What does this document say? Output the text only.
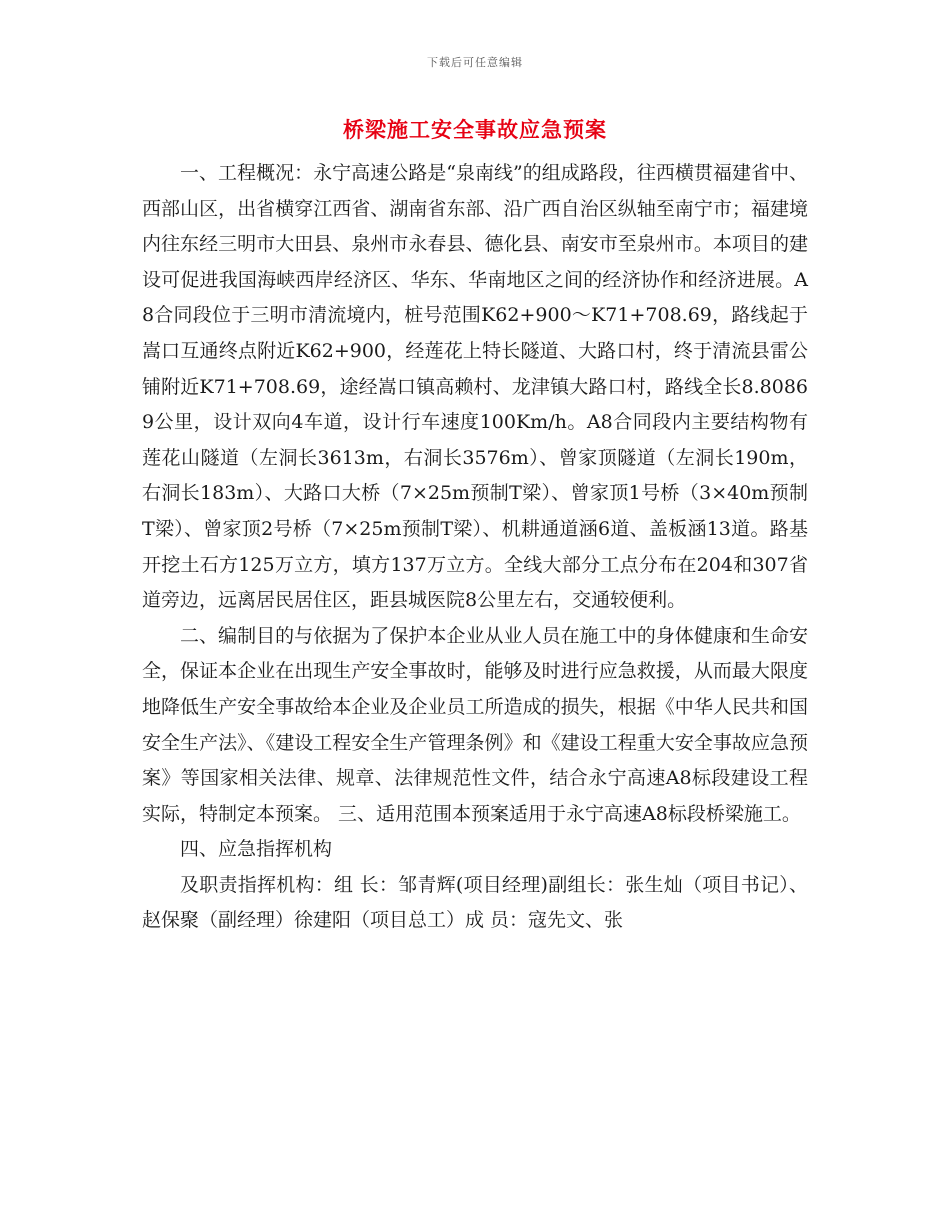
下载后可任意编辑
桥梁施工安全事故应急预案

一、工程概况：永宁高速公路是“泉南线”的组成路段，往西横贯福建省中、西部山区，出省横穿江西省、湖南省东部、沿广西自治区纵轴至南宁市；福建境内往东经三明市大田县、泉州市永春县、德化县、南安市至泉州市。本项目的建设可促进我国海峡西岸经济区、华东、华南地区之间的经济协作和经济进展。A8合同段位于三明市清流境内，桩号范围K62+900～K71+708.69，路线起于嵩口互通终点附近K62+900，经莲花上特长隧道、大路口村，终于清流县雷公铺附近K71+708.69，途经嵩口镇高赖村、龙津镇大路口村，路线全长8.80869公里，设计双向4车道，设计行车速度100Km/h。A8合同段内主要结构物有莲花山隧道（左洞长3613m，右洞长3576m）、曾家顶隧道（左洞长190m，右洞长183m）、大路口大桥（7×25m预制T梁）、曾家顶1号桥（3×40m预制T梁）、曾家顶2号桥（7×25m预制T梁）、机耕通道涵6道、盖板涵13道。路基开挖土石方125万立方，填方137万立方。全线大部分工点分布在204和307省道旁边，远离居民居住区，距县城医院8公里左右，交通较便利。

二、编制目的与依据为了保护本企业从业人员在施工中的身体健康和生命安全，保证本企业在出现生产安全事故时，能够及时进行应急救援，从而最大限度地降低生产安全事故给本企业及企业员工所造成的损失，根据《中华人民共和国安全生产法》、《建设工程安全生产管理条例》和《建设工程重大安全事故应急预案》等国家相关法律、规章、法律规范性文件，结合永宁高速A8标段建设工程实际，特制定本预案。 三、适用范围本预案适用于永宁高速A8标段桥梁施工。

四、应急指挥机构

及职责指挥机构：组 长：邹青辉(项目经理)副组长：张生灿（项目书记）、赵保聚（副经理）徐建阳（项目总工）成 员：寇先文、张
